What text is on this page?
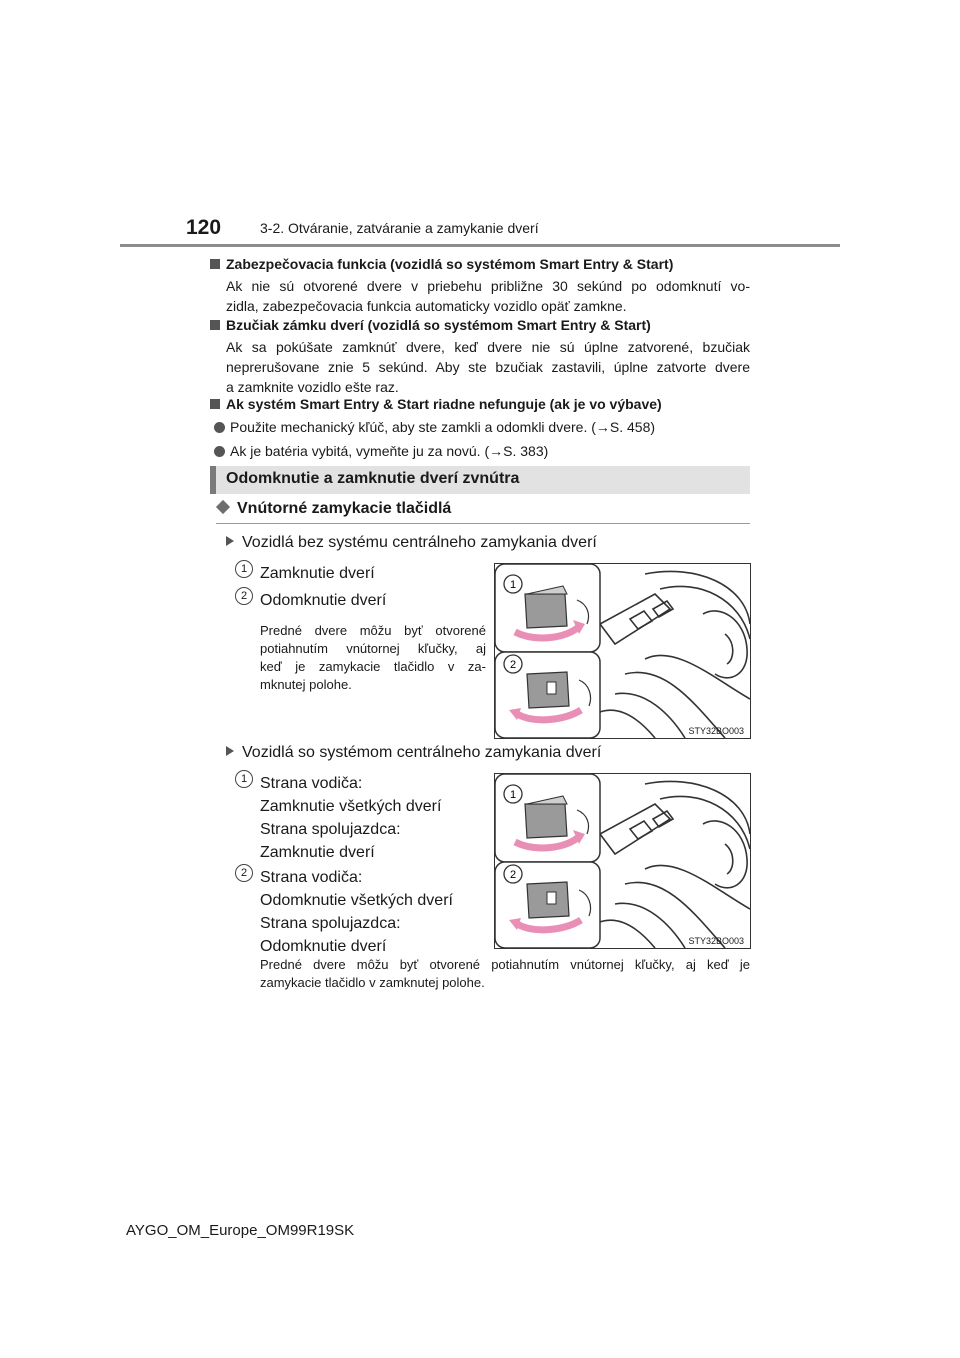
120	3-2. Otváranie, zatváranie a zamykanie dverí
Zabezpečovacia funkcia (vozidlá so systémom Smart Entry & Start)
Ak nie sú otvorené dvere v priebehu približne 30 sekúnd po odomknutí vo-
zidla, zabezpečovacia funkcia automaticky vozidlo opäť zamkne.
Bzučiak zámku dverí (vozidlá so systémom Smart Entry & Start)
Ak sa pokúšate zamknúť dvere, keď dvere nie sú úplne zatvorené, bzučiak
neprerušovane znie 5 sekúnd. Aby ste bzučiak zastavili, úplne zatvorte dvere
a zamknite vozidlo ešte raz.
Ak systém Smart Entry & Start riadne nefunguje (ak je vo výbave)
Použite mechanický kľúč, aby ste zamkli a odomkli dvere. (→S. 458)
Ak je batéria vybitá, vymeňte ju za novú. (→S. 383)
Odomknutie a zamknutie dverí zvnútra
Vnútorné zamykacie tlačidlá
Vozidlá bez systému centrálneho zamykania dverí
1 Zamknutie dverí
2 Odomknutie dverí
Predné dvere môžu byť otvorené
potiahnutím vnútornej kľučky, aj
keď je zamykacie tlačidlo v za-
mknutej polohe.
1
2
STY32BO003
Vozidlá so systémom centrálneho zamykania dverí
1 Strana vodiča:
Zamknutie všetkých dverí
Strana spolujazdca:
Zamknutie dverí
2 Strana vodiča:
Odomknutie všetkých dverí
Strana spolujazdca:
Odomknutie dverí
1
2
STY32BO003
Predné dvere môžu byť otvorené potiahnutím vnútornej kľučky, aj keď je
zamykacie tlačidlo v zamknutej polohe.
AYGO_OM_Europe_OM99R19SK
